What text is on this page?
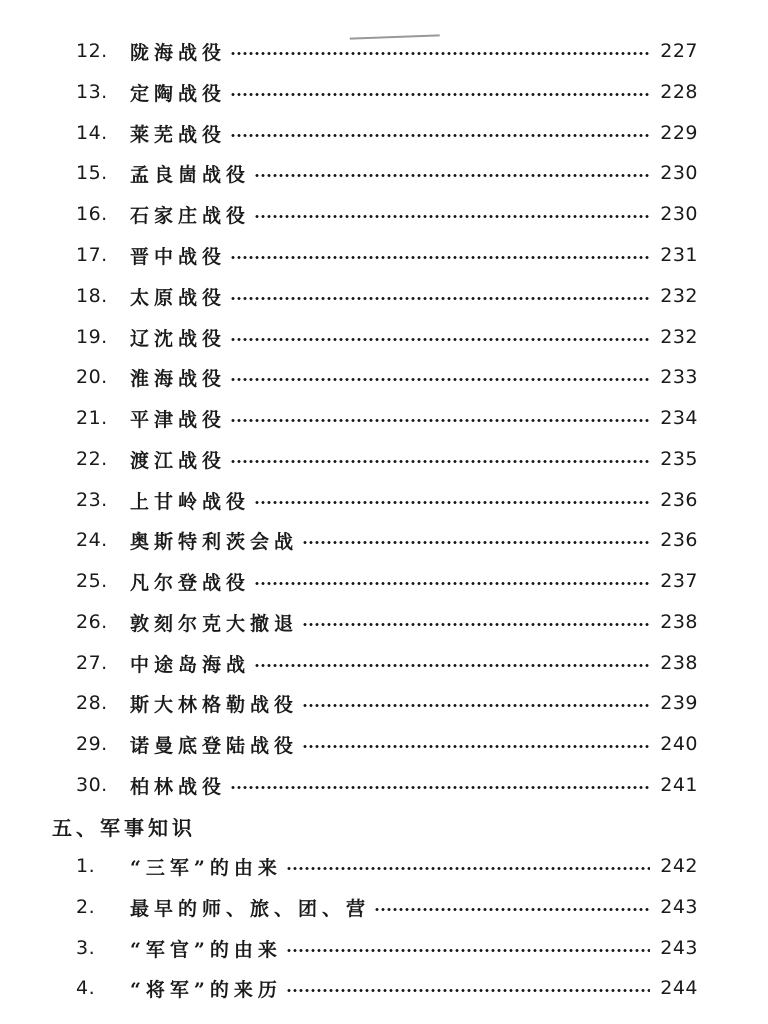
12.	陇海战役	227
13.	定陶战役	228
14.	莱芜战役	229
15.	孟良崮战役	230
16.	石家庄战役	230
17.	晋中战役	231
18.	太原战役	232
19.	辽沈战役	232
20.	淮海战役	233
21.	平津战役	234
22.	渡江战役	235
23.	上甘岭战役	236
24.	奥斯特利茨会战	236
25.	凡尔登战役	237
26.	敦刻尔克大撤退	238
27.	中途岛海战	238
28.	斯大林格勒战役	239
29.	诺曼底登陆战役	240
30.	柏林战役	241
五、军事知识
1.	“三军”的由来	242
2.	最早的师、旅、团、营	243
3.	“军官”的由来	243
4.	“将军”的来历	244
